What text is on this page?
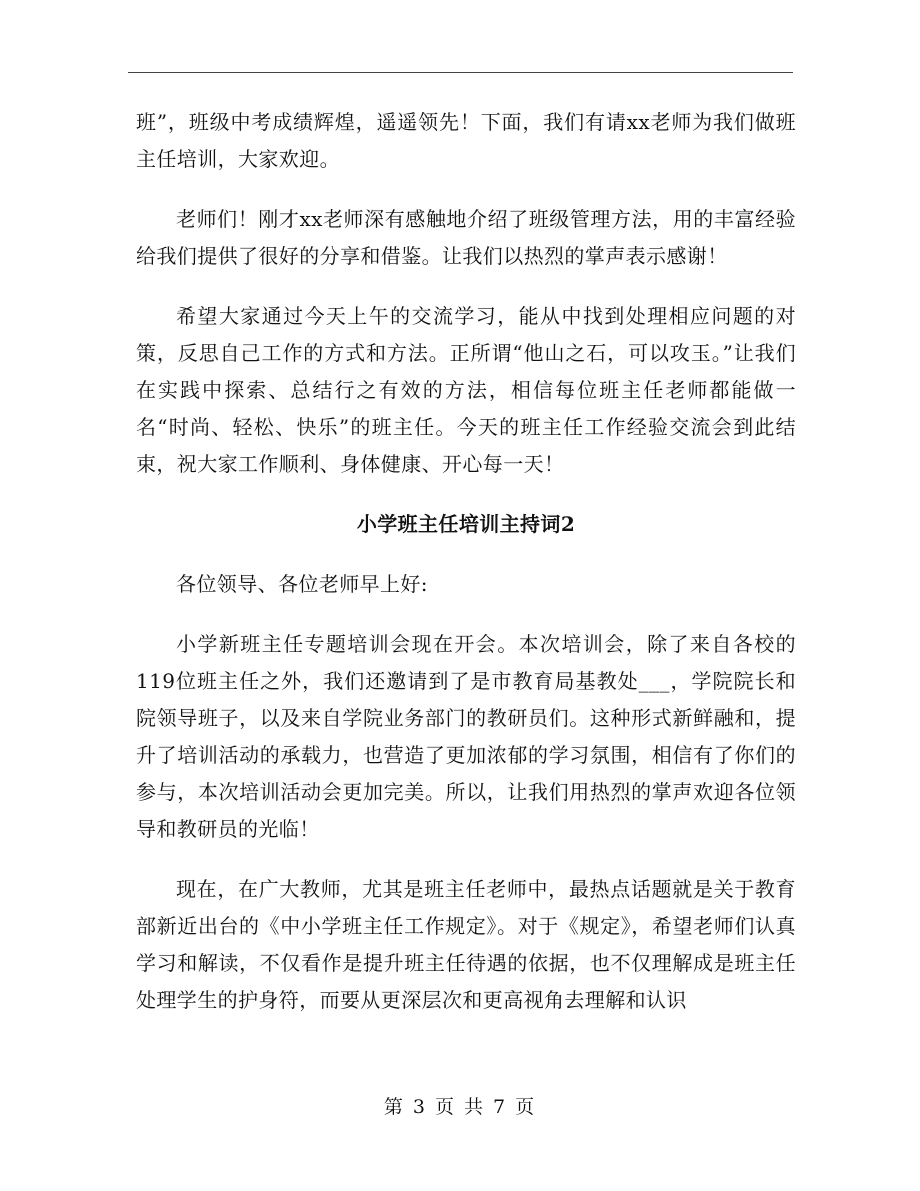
班”，班级中考成绩辉煌，遥遥领先！下面，我们有请xx老师为我们做班主任培训，大家欢迎。

老师们！刚才xx老师深有感触地介绍了班级管理方法，用的丰富经验给我们提供了很好的分享和借鉴。让我们以热烈的掌声表示感谢！

希望大家通过今天上午的交流学习，能从中找到处理相应问题的对策，反思自己工作的方式和方法。正所谓“他山之石，可以攻玉。”让我们在实践中探索、总结行之有效的方法，相信每位班主任老师都能做一名“时尚、轻松、快乐”的班主任。今天的班主任工作经验交流会到此结束，祝大家工作顺利、身体健康、开心每一天！

小学班主任培训主持词2

各位领导、各位老师早上好:

小学新班主任专题培训会现在开会。本次培训会，除了来自各校的119位班主任之外，我们还邀请到了是市教育局基教处___，学院院长和院领导班子，以及来自学院业务部门的教研员们。这种形式新鲜融和，提升了培训活动的承载力，也营造了更加浓郁的学习氛围，相信有了你们的参与，本次培训活动会更加完美。所以，让我们用热烈的掌声欢迎各位领导和教研员的光临！

现在，在广大教师，尤其是班主任老师中，最热点话题就是关于教育部新近出台的《中小学班主任工作规定》。对于《规定》，希望老师们认真学习和解读，不仅看作是提升班主任待遇的依据，也不仅理解成是班主任处理学生的护身符，而要从更深层次和更高视角去理解和认识

第 3 页 共 7 页
